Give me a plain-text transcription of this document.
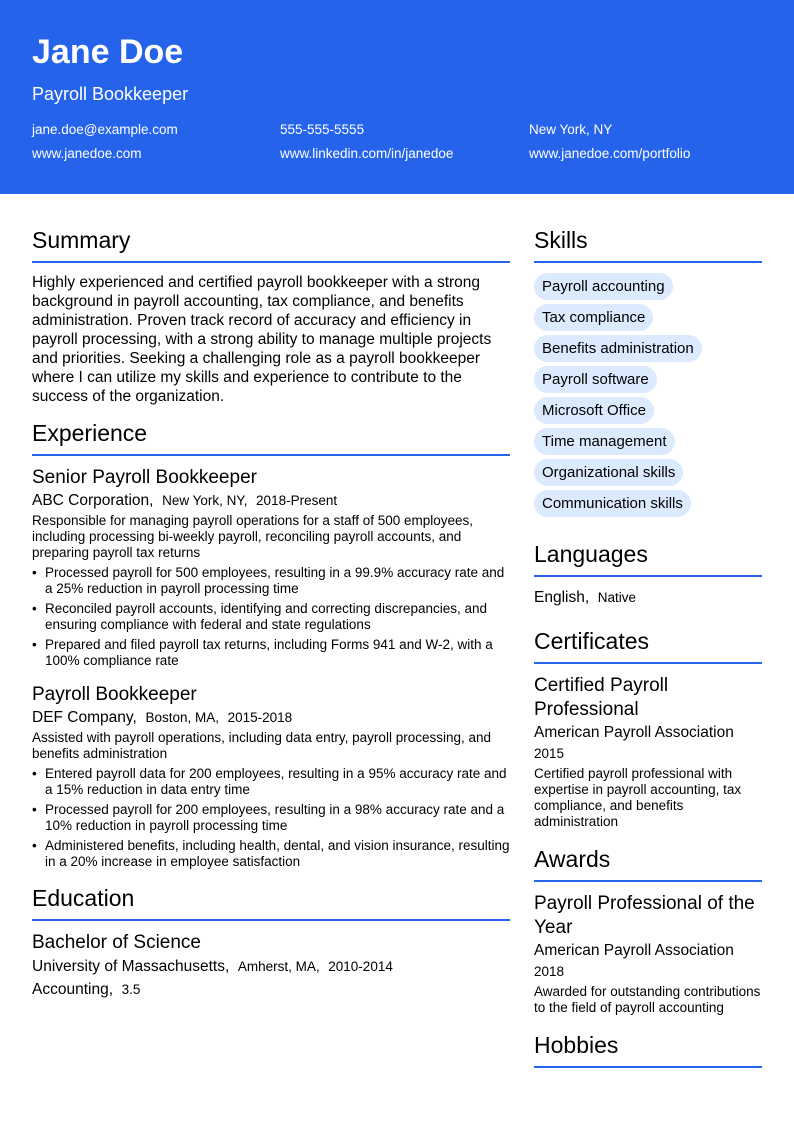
Jane Doe
Payroll Bookkeeper
jane.doe@example.com	555-555-5555	New York, NY
www.janedoe.com	www.linkedin.com/in/janedoe	www.janedoe.com/portfolio
Summary

Highly experienced and certified payroll bookkeeper with a strong background in payroll accounting, tax compliance, and benefits administration. Proven track record of accuracy and efficiency in payroll processing, with a strong ability to manage multiple projects and priorities. Seeking a challenging role as a payroll bookkeeper where I can utilize my skills and experience to contribute to the success of the organization.

Experience
Senior Payroll Bookkeeper
ABC Corporation, New York, NY, 2018-Present

Responsible for managing payroll operations for a staff of 500 employees, including processing bi-weekly payroll, reconciling payroll accounts, and preparing payroll tax returns

• Processed payroll for 500 employees, resulting in a 99.9% accuracy rate and a 25% reduction in payroll processing time
• Reconciled payroll accounts, identifying and correcting discrepancies, and ensuring compliance with federal and state regulations
• Prepared and filed payroll tax returns, including Forms 941 and W-2, with a 100% compliance rate
Payroll Bookkeeper
DEF Company, Boston, MA, 2015-2018

Assisted with payroll operations, including data entry, payroll processing, and benefits administration

• Entered payroll data for 200 employees, resulting in a 95% accuracy rate and a 15% reduction in data entry time
• Processed payroll for 200 employees, resulting in a 98% accuracy rate and a 10% reduction in payroll processing time
• Administered benefits, including health, dental, and vision insurance, resulting in a 20% increase in employee satisfaction
Education
Bachelor of Science
University of Massachusetts, Amherst, MA, 2010-2014
Accounting, 3.5
Skills
Payroll accounting
Tax compliance
Benefits administration
Payroll software
Microsoft Office
Time management
Organizational skills
Communication skills
Languages
English, Native
Certificates
Certified Payroll Professional
American Payroll Association
2015

Certified payroll professional with expertise in payroll accounting, tax compliance, and benefits administration

Awards
Payroll Professional of the Year
American Payroll Association
2018

Awarded for outstanding contributions to the field of payroll accounting

Hobbies
